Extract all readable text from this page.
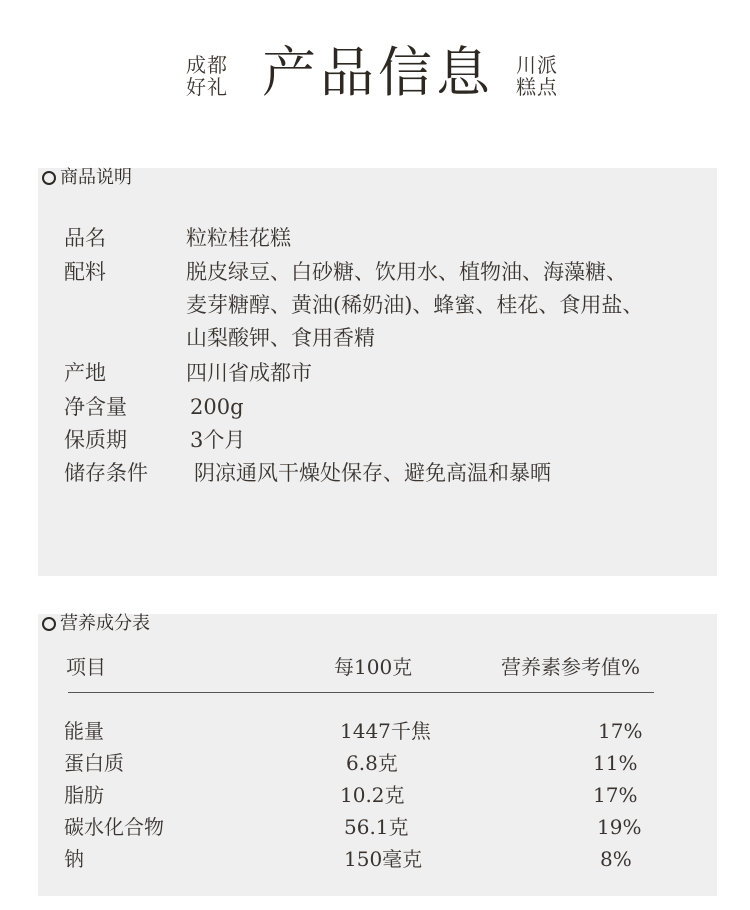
成都
好礼 产品信息 川派
糕点
商品说明
品名	粒粒桂花糕
配料	脱皮绿豆、白砂糖、饮用水、植物油、海藻糖、
麦芽糖醇、黄油(稀奶油)、蜂蜜、桂花、食用盐、
山梨酸钾、食用香精
产地	四川省成都市
净含量	200g
保质期	3个月
储存条件 阴凉通风干燥处保存、避免高温和暴晒
营养成分表
项目	每100克	营养素参考值%
能量	1447千焦	17%
蛋白质	6.8克	11%
脂肪	10.2克	17%
碳水化合物	56.1克	19%
钠	150毫克	8%
